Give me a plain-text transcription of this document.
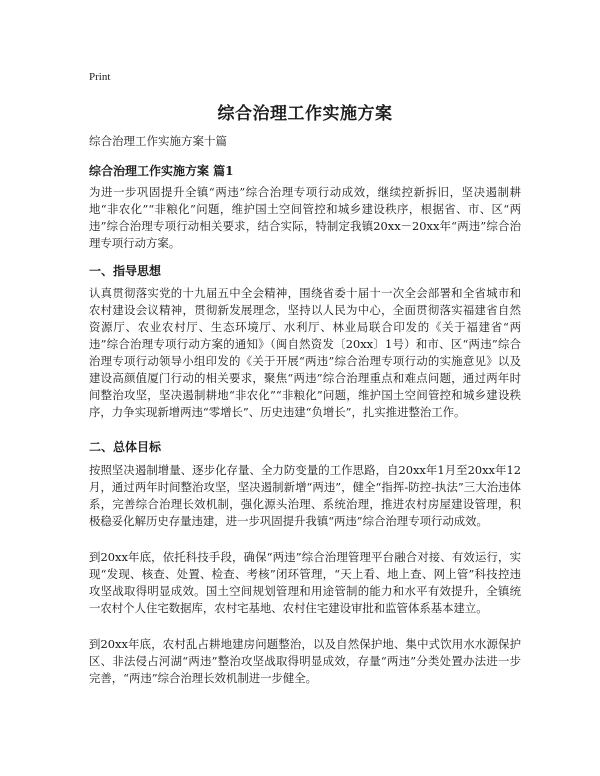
Print
综合治理工作实施方案

综合治理工作实施方案十篇

综合治理工作实施方案 篇1

为进一步巩固提升全镇“两违”综合治理专项行动成效，继续控新拆旧，坚决遏制耕地“非农化”“非粮化”问题，维护国土空间管控和城乡建设秩序，根据省、市、区“两违”综合治理专项行动相关要求，结合实际，特制定我镇20xx－20xx年“两违”综合治理专项行动方案。

一、指导思想

认真贯彻落实党的十九届五中全会精神，围绕省委十届十一次全会部署和全省城市和农村建设会议精神，贯彻新发展理念，坚持以人民为中心，全面贯彻落实福建省自然资源厅、农业农村厅、生态环境厅、水利厅、林业局联合印发的《关于福建省“两违”综合治理专项行动方案的通知》（闽自然资发〔20xx〕1号）和市、区“两违”综合治理专项行动领导小组印发的《关于开展“两违”综合治理专项行动的实施意见》以及建设高颜值厦门行动的相关要求，聚焦“两违”综合治理重点和难点问题，通过两年时间整治攻坚，坚决遏制耕地“非农化”“非粮化”问题，维护国土空间管控和城乡建设秩序，力争实现新增两违“零增长”、历史违建“负增长”，扎实推进整治工作。

二、总体目标

按照坚决遏制增量、逐步化存量、全力防变量的工作思路，自20xx年1月至20xx年12月，通过两年时间整治攻坚，坚决遏制新增“两违”，健全“指挥-防控-执法”三大治违体系，完善综合治理长效机制，强化源头治理、系统治理，推进农村房屋建设管理，积极稳妥化解历史存量违建，进一步巩固提升我镇“两违”综合治理专项行动成效。

到20xx年底，依托科技手段，确保“两违”综合治理管理平台融合对接、有效运行，实现“发现、核查、处置、检查、考核”闭环管理，“天上看、地上查、网上管”科技控违攻坚战取得明显成效。国土空间规划管理和用途管制的能力和水平有效提升，全镇统一农村个人住宅数据库，农村宅基地、农村住宅建设审批和监管体系基本建立。

到20xx年底，农村乱占耕地建房问题整治，以及自然保护地、集中式饮用水水源保护区、非法侵占河湖“两违”整治攻坚战取得明显成效，存量“两违”分类处置办法进一步完善，“两违”综合治理长效机制进一步健全。
